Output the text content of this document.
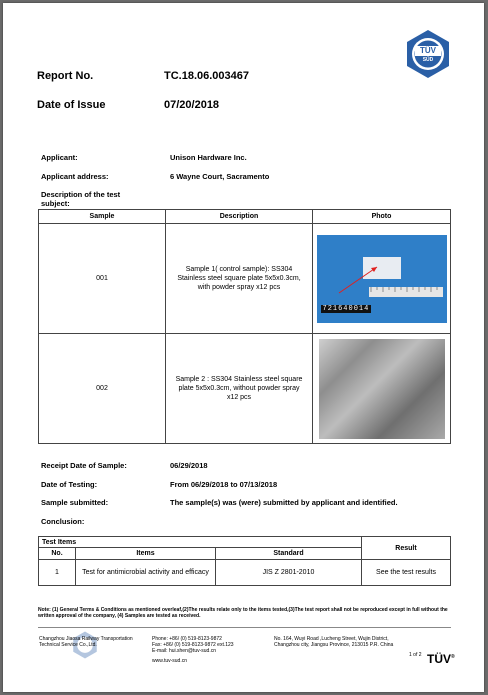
TÜV
SÜD
Report No.	TC.18.06.003467
Date of Issue	07/20/2018
Applicant:	Unison Hardware Inc.
Applicant address:	6 Wayne Court, Sacramento
Description of the test subject:
Sample	Description	Photo
001	Sample 1( control sample): SS304 Stainless steel square plate 5x5x0.3cm, with powder spray x12 pcs	721640014

002	Sample 2 : SS304 Stainless steel square plate 5x5x0.3cm, without powder spray x12 pcs	
Receipt Date of Sample:	06/29/2018
Date of Testing:	From 06/29/2018 to 07/13/2018
Sample submitted:	The sample(s) was (were) submitted by applicant and identified.
Conclusion:
Test Items			Result
No.	Items	Standard	
1	Test for antimicrobial activity and efficacy	JIS Z 2801-2010	See the test results
Note: (1) General Terms & Conditions as mentioned overleaf,(2)The results relate only to the items tested,(3)The test report shall not be reproduced except in full without the written approval of the company, (4) Samples are tested as received.
Changzhou Jiaosa Railway Transportation Technical Service Co.,Ltd.
Phone: +86/ (0) 519-8123-9872
Fax: +86/ (0) 519-8123-9872 ext.123
E-mail: hui.shen@tuv-sud.cn
www.tuv-sud.cn
No. 164, Wuyi Road ,Lucheng Street, Wujin District, Changzhou city, Jiangsu Province, 213015 P.R. China
1 of 2 TÜV®
